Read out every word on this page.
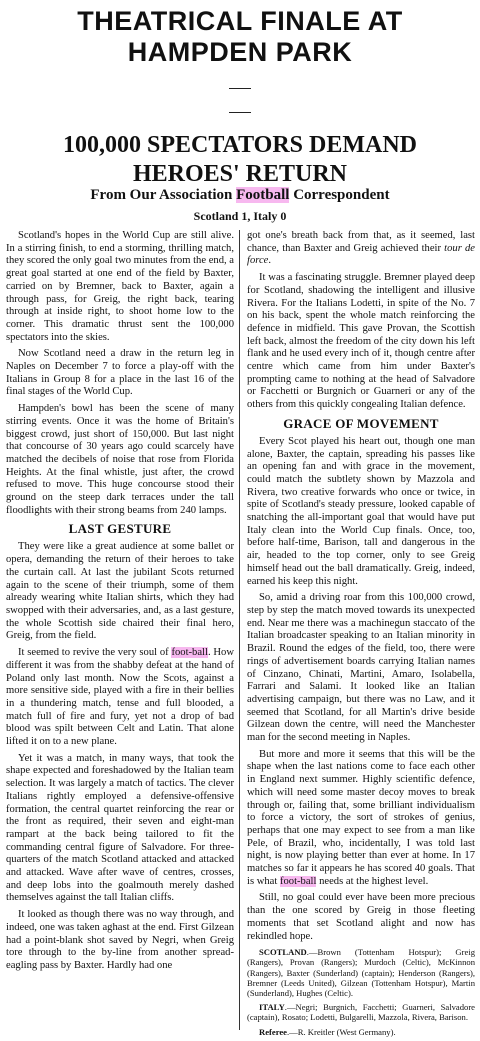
THEATRICAL FINALE AT
HAMPDEN PARK
100,000 SPECTATORS DEMAND
HEROES' RETURN
From Our Association Football Correspondent
Scotland 1, Italy 0

Scotland's hopes in the World Cup are still alive. In a stirring finish, to end a storming, thrilling match, they scored the only goal two minutes from the end, a great goal started at one end of the field by Baxter, carried on by Bremner, back to Baxter, again a through pass, for Greig, the right back, tearing through at inside right, to shoot home low to the corner. This dramatic thrust sent the 100,000 spectators into the skies.

Now Scotland need a draw in the return leg in Naples on December 7 to force a play-off with the Italians in Group 8 for a place in the last 16 of the final stages of the World Cup.

Hampden's bowl has been the scene of many stirring events. Once it was the home of Britain's biggest crowd, just short of 150,000. But last night that concourse of 30 years ago could scarcely have matched the decibels of noise that rose from Florida Heights. At the final whistle, just after, the crowd refused to move. This huge concourse stood their ground on the steep dark terraces under the tall floodlights with their strong beams from 240 lamps.

LAST GESTURE

They were like a great audience at some ballet or opera, demanding the return of their heroes to take the curtain call. At last the jubilant Scots returned again to the scene of their triumph, some of them already wearing white Italian shirts, which they had swopped with their adversaries, and, as a last gesture, the whole Scottish side chaired their final hero, Greig, from the field.

It seemed to revive the very soul of foot-ball. How different it was from the shabby defeat at the hand of Poland only last month. Now the Scots, against a more sensitive side, played with a fire in their bellies in a thundering match, tense and full blooded, a match full of fire and fury, yet not a drop of bad blood was spilt between Celt and Latin. That alone lifted it on to a new plane.

Yet it was a match, in many ways, that took the shape expected and foreshadowed by the Italian team selection. It was largely a match of tactics. The clever Italians rightly employed a defensive-offensive formation, the central quartet reinforcing the rear or the front as required, their seven and eight-man rampart at the back being tailored to fit the commanding central figure of Salvadore. For three-quarters of the match Scotland attacked and attacked and attacked. Wave after wave of centres, crosses, and deep lobs into the goalmouth merely dashed themselves against the tall Italian cliffs.

It looked as though there was no way through, and indeed, one was taken aghast at the end. First Gilzean had a point-blank shot saved by Negri, when Greig tore through to the by-line from another spread-eagling pass by Baxter. Hardly had one

got one's breath back from that, as it seemed, last chance, than Baxter and Greig achieved their tour de force.

It was a fascinating struggle. Bremner played deep for Scotland, shadowing the intelligent and illusive Rivera. For the Italians Lodetti, in spite of the No. 7 on his back, spent the whole match reinforcing the defence in midfield. This gave Provan, the Scottish left back, almost the freedom of the city down his left flank and he used every inch of it, though centre after centre which came from him under Baxter's prompting came to nothing at the head of Salvadore or Facchetti or Burgnich or Guarneri or any of the others from this quickly congealing Italian defence.

GRACE OF MOVEMENT

Every Scot played his heart out, though one man alone, Baxter, the captain, spreading his passes like an opening fan and with grace in the movement, could match the subtlety shown by Mazzola and Rivera, two creative forwards who once or twice, in spite of Scotland's steady pressure, looked capable of snatching the all-important goal that would have put Italy clean into the World Cup finals. Once, too, before half-time, Barison, tall and dangerous in the air, headed to the top corner, only to see Greig himself head out the ball dramatically. Greig, indeed, earned his keep this night.

So, amid a driving roar from this 100,000 crowd, step by step the match moved towards its unexpected end. Near me there was a machinegun staccato of the Italian broadcaster speaking to an Italian minority in Brazil. Round the edges of the field, too, there were rings of advertisement boards carrying Italian names of Cinzano, Chinati, Martini, Amaro, Isolabella, Farrari and Salami. It looked like an Italian advertising campaign, but there was no Law, and it seemed that Scotland, for all Martin's drive beside Gilzean down the centre, will need the Manchester man for the second meeting in Naples.

But more and more it seems that this will be the shape when the last nations come to face each other in England next summer. Highly scientific defence, which will need some master decoy moves to break through or, failing that, some brilliant individualism to force a victory, the sort of strokes of genius, perhaps that one may expect to see from a man like Pele, of Brazil, who, incidentally, I was told last night, is now playing better than ever at home. In 17 matches so far it appears he has scored 40 goals. That is what foot-ball needs at the highest level.

Still, no goal could ever have been more precious than the one scored by Greig in those fleeting moments that set Scotland alight and now has rekindled hope.

SCOTLAND.—Brown (Tottenham Hotspur); Greig (Rangers), Provan (Rangers); Murdoch (Celtic), McKinnon (Rangers), Baxter (Sunderland) (captain); Henderson (Rangers), Bremner (Leeds United), Gilzean (Tottenham Hotspur), Martin (Sunderland), Hughes (Celtic).

ITALY.—Negri; Burgnich, Facchetti; Guarneri, Salvadore (captain), Rosato; Lodetti, Bulgarelli, Mazzola, Rivera, Barison.

Referee.—R. Kreitler (West Germany).
